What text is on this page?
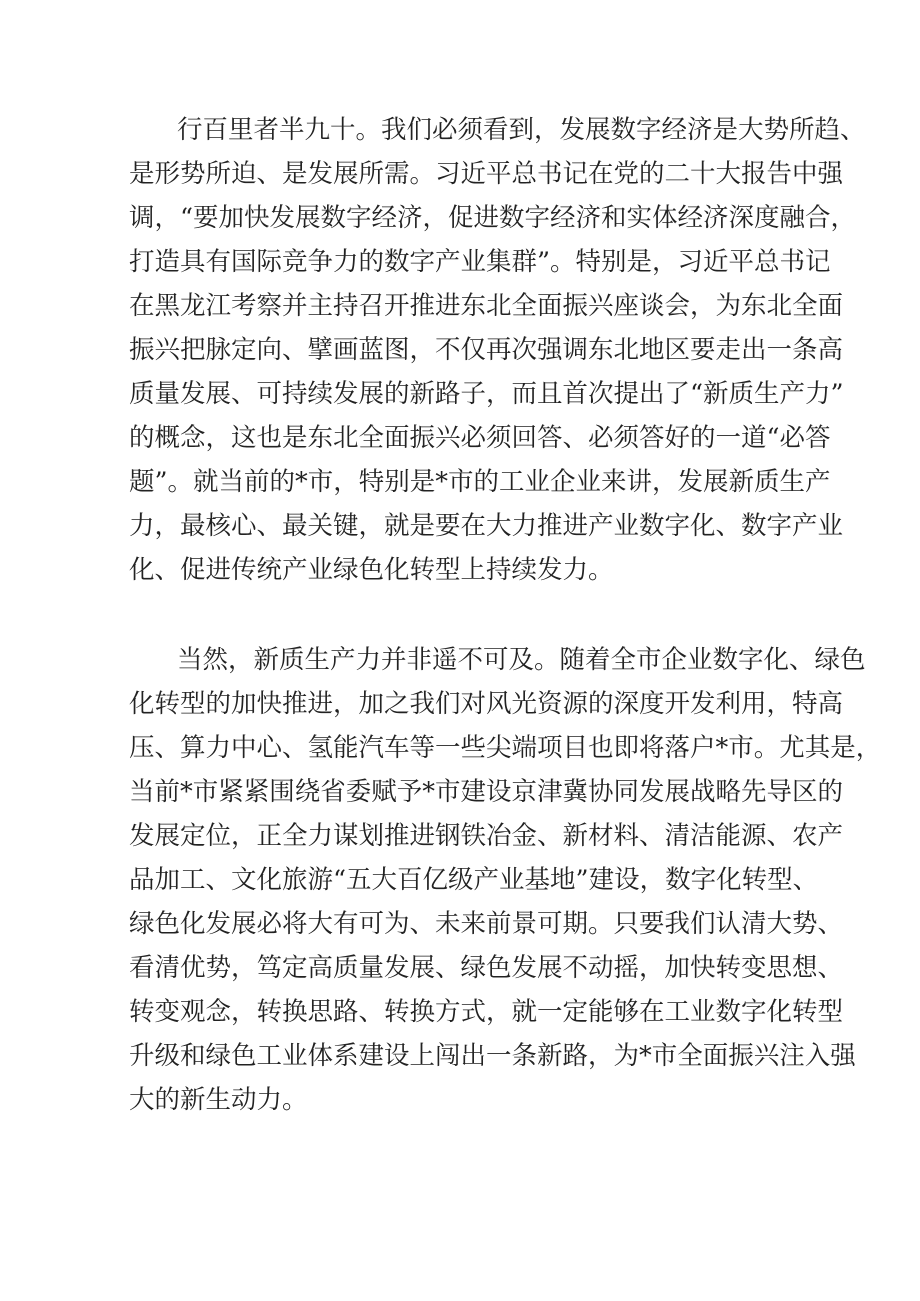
行百里者半九十。我们必须看到，发展数字经济是大势所趋、
是形势所迫、是发展所需。习近平总书记在党的二十大报告中强
调，“要加快发展数字经济，促进数字经济和实体经济深度融合，
打造具有国际竞争力的数字产业集群”。特别是，习近平总书记
在黑龙江考察并主持召开推进东北全面振兴座谈会，为东北全面
振兴把脉定向、擘画蓝图，不仅再次强调东北地区要走出一条高
质量发展、可持续发展的新路子，而且首次提出了“新质生产力”
的概念，这也是东北全面振兴必须回答、必须答好的一道“必答
题”。就当前的*市，特别是*市的工业企业来讲，发展新质生产
力，最核心、最关键，就是要在大力推进产业数字化、数字产业
化、促进传统产业绿色化转型上持续发力。
当然，新质生产力并非遥不可及。随着全市企业数字化、绿色
化转型的加快推进，加之我们对风光资源的深度开发利用，特高
压、算力中心、氢能汽车等一些尖端项目也即将落户*市。尤其是，
当前*市紧紧围绕省委赋予*市建设京津冀协同发展战略先导区的
发展定位，正全力谋划推进钢铁冶金、新材料、清洁能源、农产
品加工、文化旅游“五大百亿级产业基地”建设，数字化转型、
绿色化发展必将大有可为、未来前景可期。只要我们认清大势、
看清优势，笃定高质量发展、绿色发展不动摇，加快转变思想、
转变观念，转换思路、转换方式，就一定能够在工业数字化转型
升级和绿色工业体系建设上闯出一条新路，为*市全面振兴注入强
大的新生动力。
